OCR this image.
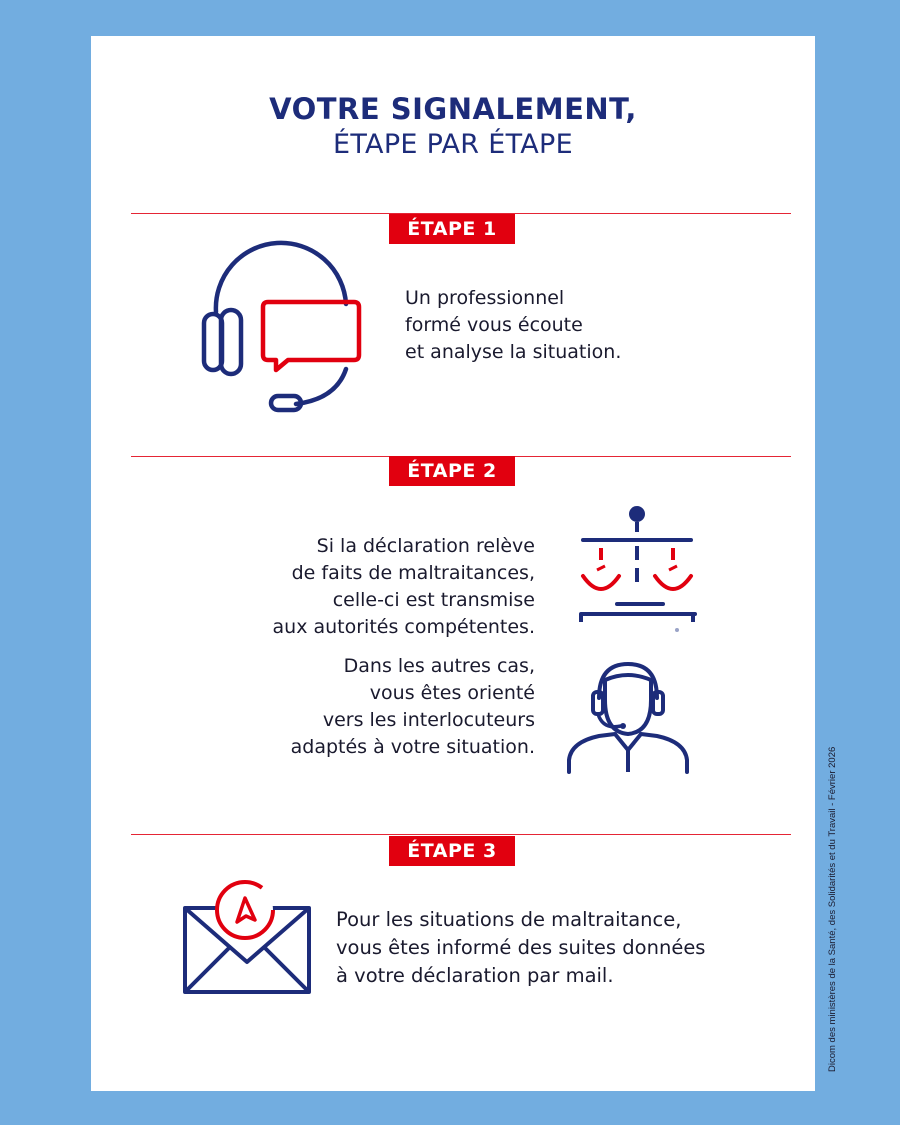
VOTRE SIGNALEMENT,
ÉTAPE PAR ÉTAPE
ÉTAPE 1
Un professionnel
formé vous écoute
et analyse la situation.
ÉTAPE 2
Si la déclaration relève
de faits de maltraitances,
celle-ci est transmise
aux autorités compétentes.
Dans les autres cas,
vous êtes orienté
vers les interlocuteurs
adaptés à votre situation.
ÉTAPE 3
Pour les situations de maltraitance,
vous êtes informé des suites données
à votre déclaration par mail.	Dicom des ministères de la Santé, des Solidarités et du Travail - Février 2026
